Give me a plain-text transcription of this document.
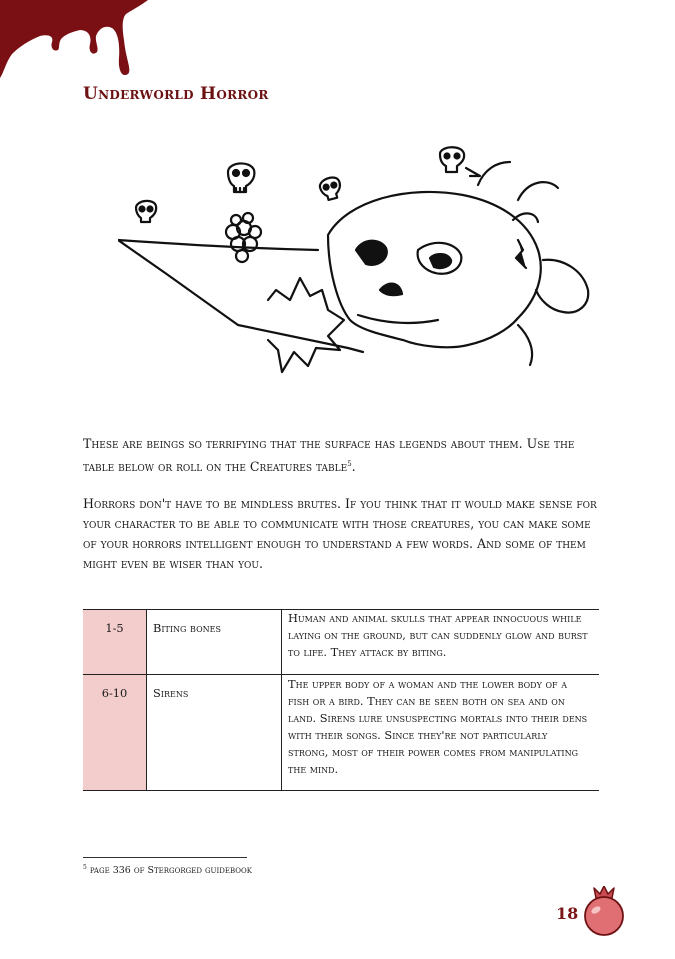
Underworld Horror

These are beings so terrifying that the surface has legends about them. Use the table below or roll on the Creatures table$^5$.

Horrors don't have to be mindless brutes. If you think that it would make sense for your character to be able to communicate with those creatures, you can make some of your horrors intelligent enough to understand a few words. And some of them might even be wiser than you.

1-5	Biting bones	Human and animal skulls that appear innocuous while laying on the ground, but can suddenly glow and burst to life. They attack by biting.
6-10	Sirens	The upper body of a woman and the lower body of a fish or a bird. They can be seen both on sea and on land. Sirens lure unsuspecting mortals into their dens with their songs. Since they're not particularly strong, most of their power comes from manipulating the mind.

$^5$ page 336 of Stergorged guidebook

18
